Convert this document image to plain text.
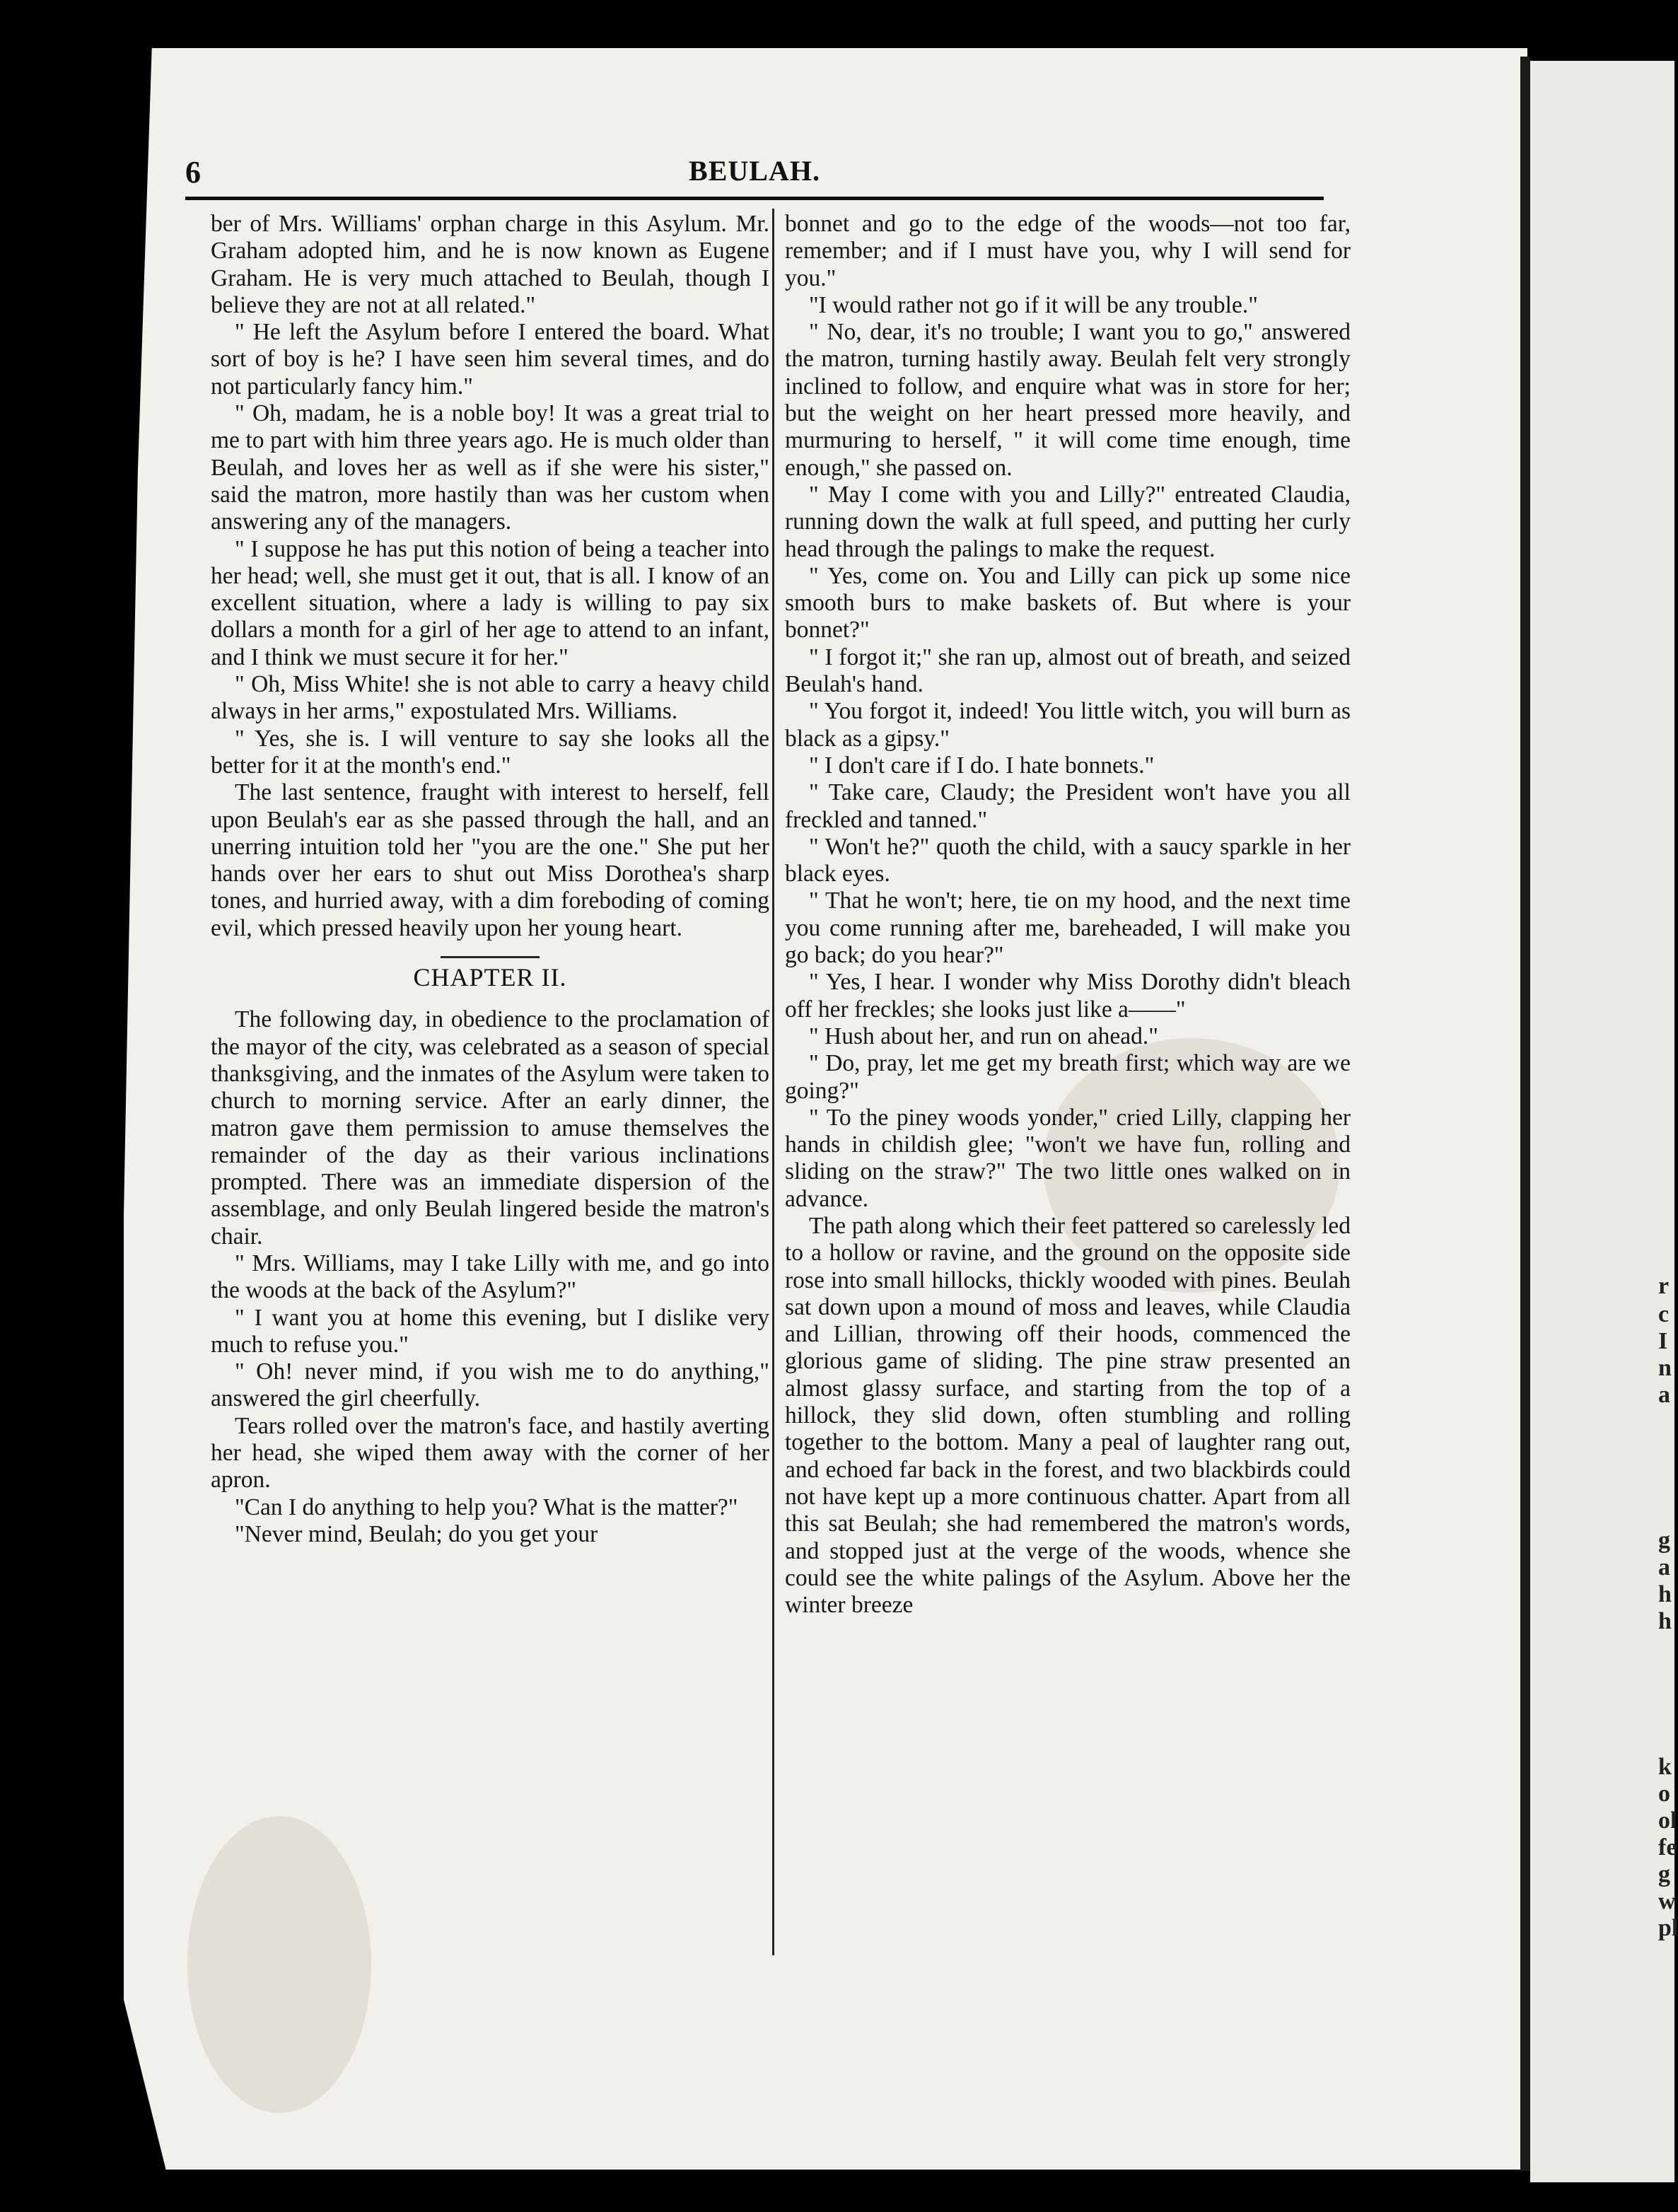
6	BEULAH.

ber of Mrs. Williams' orphan charge in this Asylum. Mr. Graham adopted him, and he is now known as Eugene Graham. He is very much attached to Beulah, though I believe they are not at all related."

" He left the Asylum before I entered the board. What sort of boy is he? I have seen him several times, and do not particularly fancy him."

" Oh, madam, he is a noble boy! It was a great trial to me to part with him three years ago. He is much older than Beulah, and loves her as well as if she were his sister," said the matron, more hastily than was her custom when answering any of the managers.

" I suppose he has put this notion of being a teacher into her head; well, she must get it out, that is all. I know of an excellent situation, where a lady is willing to pay six dollars a month for a girl of her age to attend to an infant, and I think we must secure it for her."

" Oh, Miss White! she is not able to carry a heavy child always in her arms," expostulated Mrs. Williams.

" Yes, she is. I will venture to say she looks all the better for it at the month's end."

The last sentence, fraught with interest to herself, fell upon Beulah's ear as she passed through the hall, and an unerring intuition told her "you are the one." She put her hands over her ears to shut out Miss Dorothea's sharp tones, and hurried away, with a dim foreboding of coming evil, which pressed heavily upon her young heart.

CHAPTER II.

The following day, in obedience to the proclamation of the mayor of the city, was celebrated as a season of special thanksgiving, and the inmates of the Asylum were taken to church to morning service. After an early dinner, the matron gave them permission to amuse themselves the remainder of the day as their various inclinations prompted. There was an immediate dispersion of the assemblage, and only Beulah lingered beside the matron's chair.

" Mrs. Williams, may I take Lilly with me, and go into the woods at the back of the Asylum?"

" I want you at home this evening, but I dislike very much to refuse you."

" Oh! never mind, if you wish me to do anything," answered the girl cheerfully.

Tears rolled over the matron's face, and hastily averting her head, she wiped them away with the corner of her apron.

"Can I do anything to help you? What is the matter?"

"Never mind, Beulah; do you get your

bonnet and go to the edge of the woods—not too far, remember; and if I must have you, why I will send for you."

"I would rather not go if it will be any trouble."

" No, dear, it's no trouble; I want you to go," answered the matron, turning hastily away. Beulah felt very strongly inclined to follow, and enquire what was in store for her; but the weight on her heart pressed more heavily, and murmuring to herself, " it will come time enough, time enough," she passed on.

" May I come with you and Lilly?" entreated Claudia, running down the walk at full speed, and putting her curly head through the palings to make the request.

" Yes, come on. You and Lilly can pick up some nice smooth burs to make baskets of. But where is your bonnet?"

" I forgot it;" she ran up, almost out of breath, and seized Beulah's hand.

" You forgot it, indeed! You little witch, you will burn as black as a gipsy."

" I don't care if I do. I hate bonnets."

" Take care, Claudy; the President won't have you all freckled and tanned."

" Won't he?" quoth the child, with a saucy sparkle in her black eyes.

" That he won't; here, tie on my hood, and the next time you come running after me, bareheaded, I will make you go back; do you hear?"

" Yes, I hear. I wonder why Miss Dorothy didn't bleach off her freckles; she looks just like a——"

" Hush about her, and run on ahead."

" Do, pray, let me get my breath first; which way are we going?"

" To the piney woods yonder," cried Lilly, clapping her hands in childish glee; "won't we have fun, rolling and sliding on the straw?" The two little ones walked on in advance.

The path along which their feet pattered so carelessly led to a hollow or ravine, and the ground on the opposite side rose into small hillocks, thickly wooded with pines. Beulah sat down upon a mound of moss and leaves, while Claudia and Lillian, throwing off their hoods, commenced the glorious game of sliding. The pine straw presented an almost glassy surface, and starting from the top of a hillock, they slid down, often stumbling and rolling together to the bottom. Many a peal of laughter rang out, and echoed far back in the forest, and two blackbirds could not have kept up a more continuous chatter. Apart from all this sat Beulah; she had remembered the matron's words, and stopped just at the verge of the woods, whence she could see the white palings of the Asylum. Above her the winter breeze

r
c
I
n
a
g
a
h
h
k
o
ol
fe
g
w
pl
